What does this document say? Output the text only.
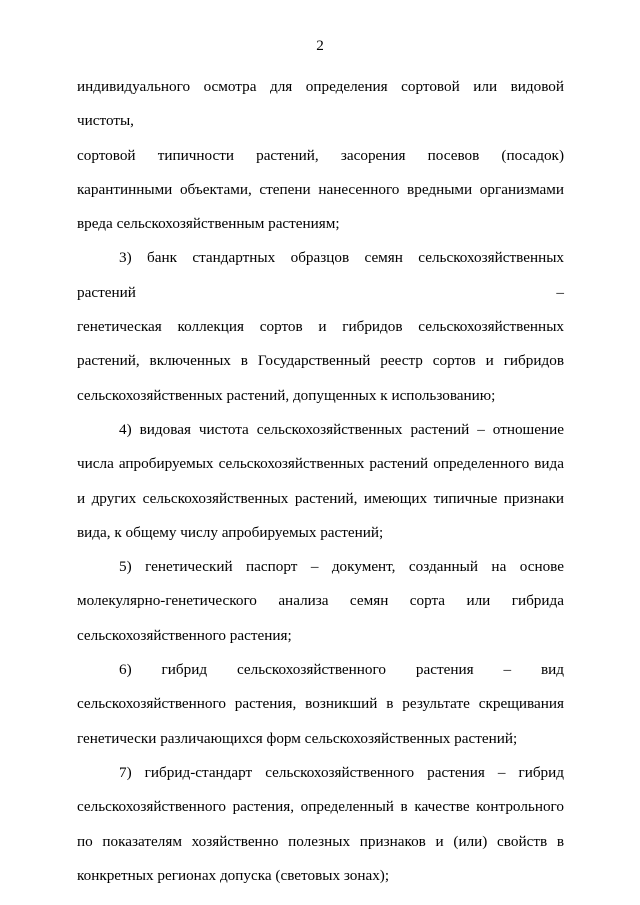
2
индивидуального осмотра для определения сортовой или видовой чистоты,
сортовой типичности растений, засорения посевов (посадок)
карантинными объектами, степени нанесенного вредными организмами
вреда сельскохозяйственным растениям;
3) банк стандартных образцов семян сельскохозяйственных растений –
генетическая коллекция сортов и гибридов сельскохозяйственных
растений, включенных в Государственный реестр сортов и гибридов
сельскохозяйственных растений, допущенных к использованию;
4) видовая чистота сельскохозяйственных растений – отношение
числа апробируемых сельскохозяйственных растений определенного вида
и других сельскохозяйственных растений, имеющих типичные признаки
вида, к общему числу апробируемых растений;
5) генетический паспорт – документ, созданный на основе
молекулярно-генетического анализа семян сорта или гибрида
сельскохозяйственного растения;
6) гибрид сельскохозяйственного растения – вид
сельскохозяйственного растения, возникший в результате скрещивания
генетически различающихся форм сельскохозяйственных растений;
7) гибрид-стандарт сельскохозяйственного растения – гибрид
сельскохозяйственного растения, определенный в качестве контрольного
по показателям хозяйственно полезных признаков и (или) свойств в
конкретных регионах допуска (световых зонах);
